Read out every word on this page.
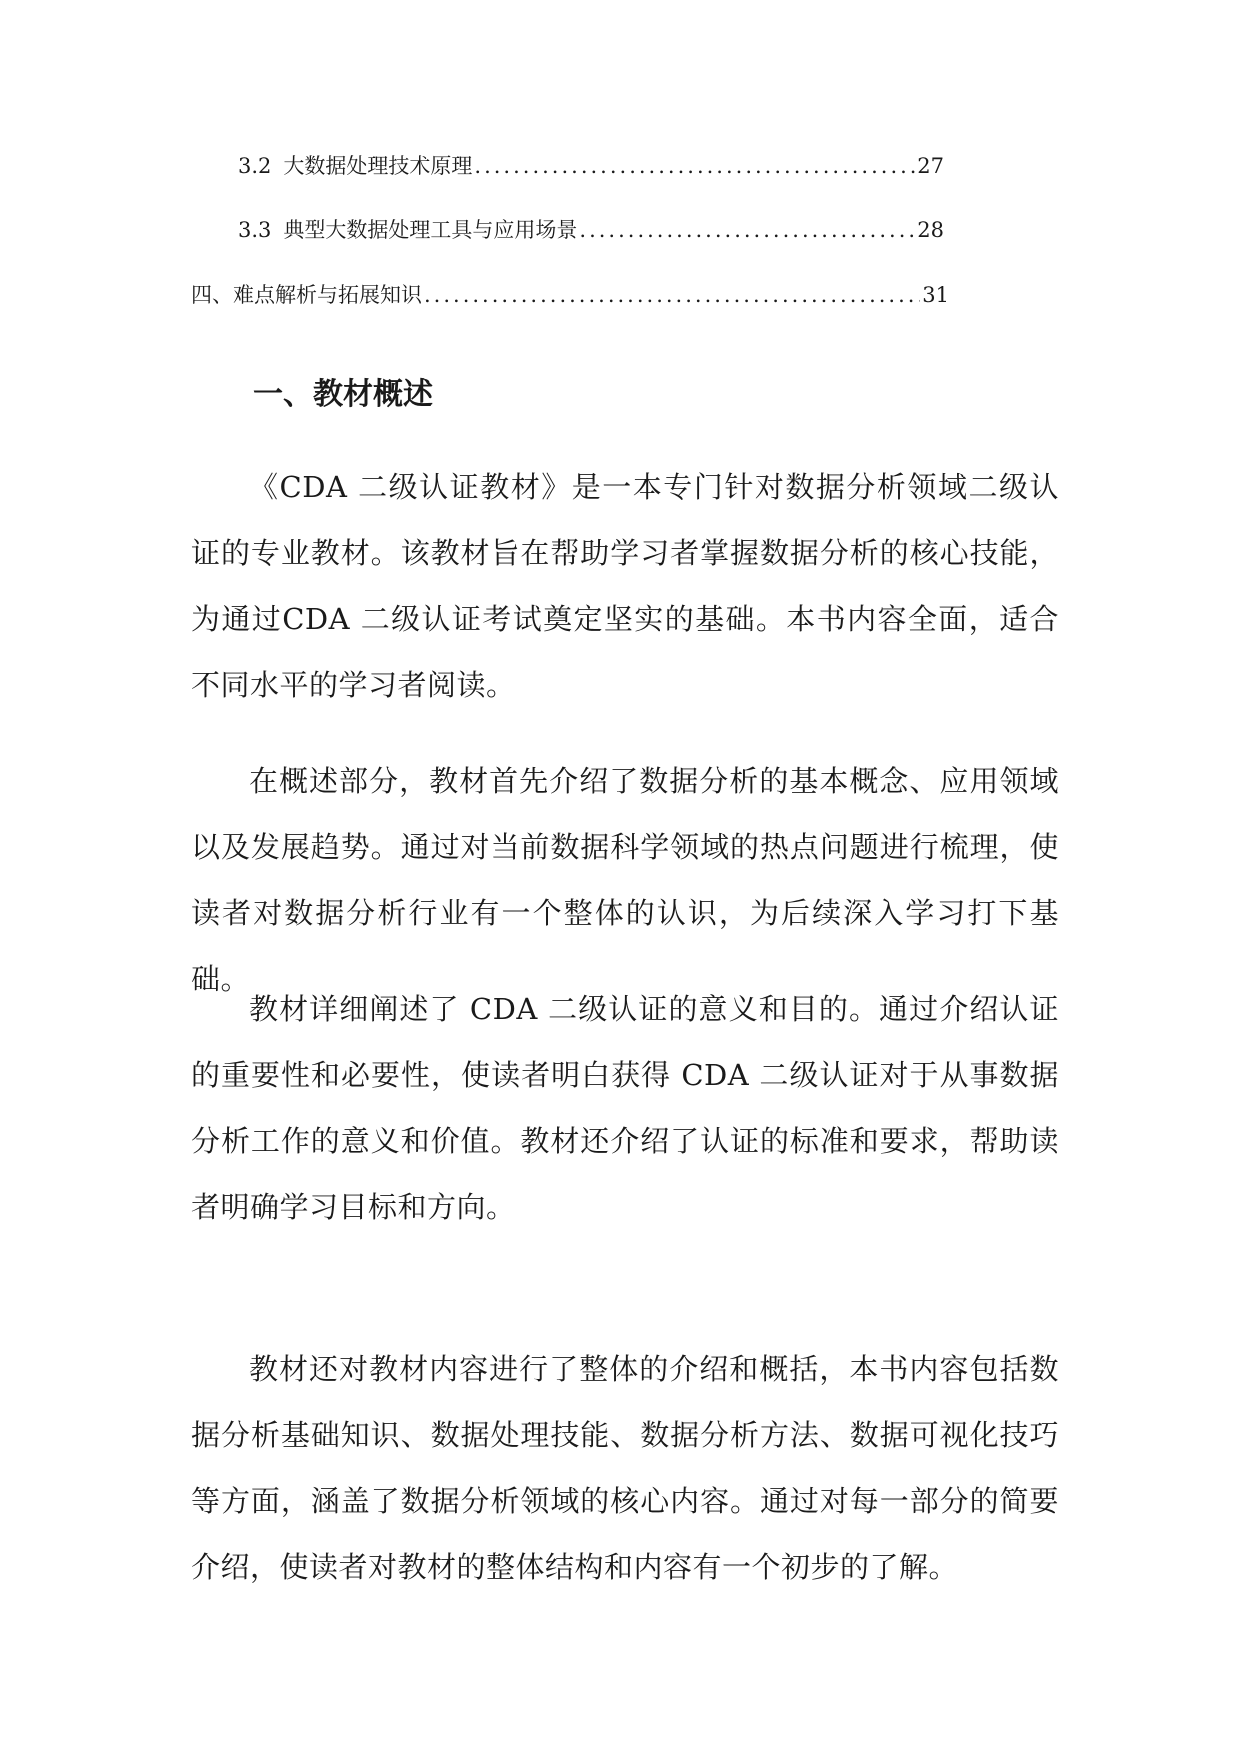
3.2 大数据处理技术原理 .....	27
3.3 典型大数据处理工具与应用场景 .....	28
四、难点解析与拓展知识 .....	31
一、教材概述

《CDA 二级认证教材》是一本专门针对数据分析领域二级认证的专业教材。该教材旨在帮助学习者掌握数据分析的核心技能，为通过CDA 二级认证考试奠定坚实的基础。本书内容全面，适合不同水平的学习者阅读。

在概述部分，教材首先介绍了数据分析的基本概念、应用领域以及发展趋势。通过对当前数据科学领域的热点问题进行梳理，使读者对数据分析行业有一个整体的认识，为后续深入学习打下基础。

教材详细阐述了 CDA 二级认证的意义和目的。通过介绍认证的重要性和必要性，使读者明白获得 CDA 二级认证对于从事数据分析工作的意义和价值。教材还介绍了认证的标准和要求，帮助读者明确学习目标和方向。

教材还对教材内容进行了整体的介绍和概括，本书内容包括数据分析基础知识、数据处理技能、数据分析方法、数据可视化技巧等方面，涵盖了数据分析领域的核心内容。通过对每一部分的简要介绍，使读者对教材的整体结构和内容有一个初步的了解。
